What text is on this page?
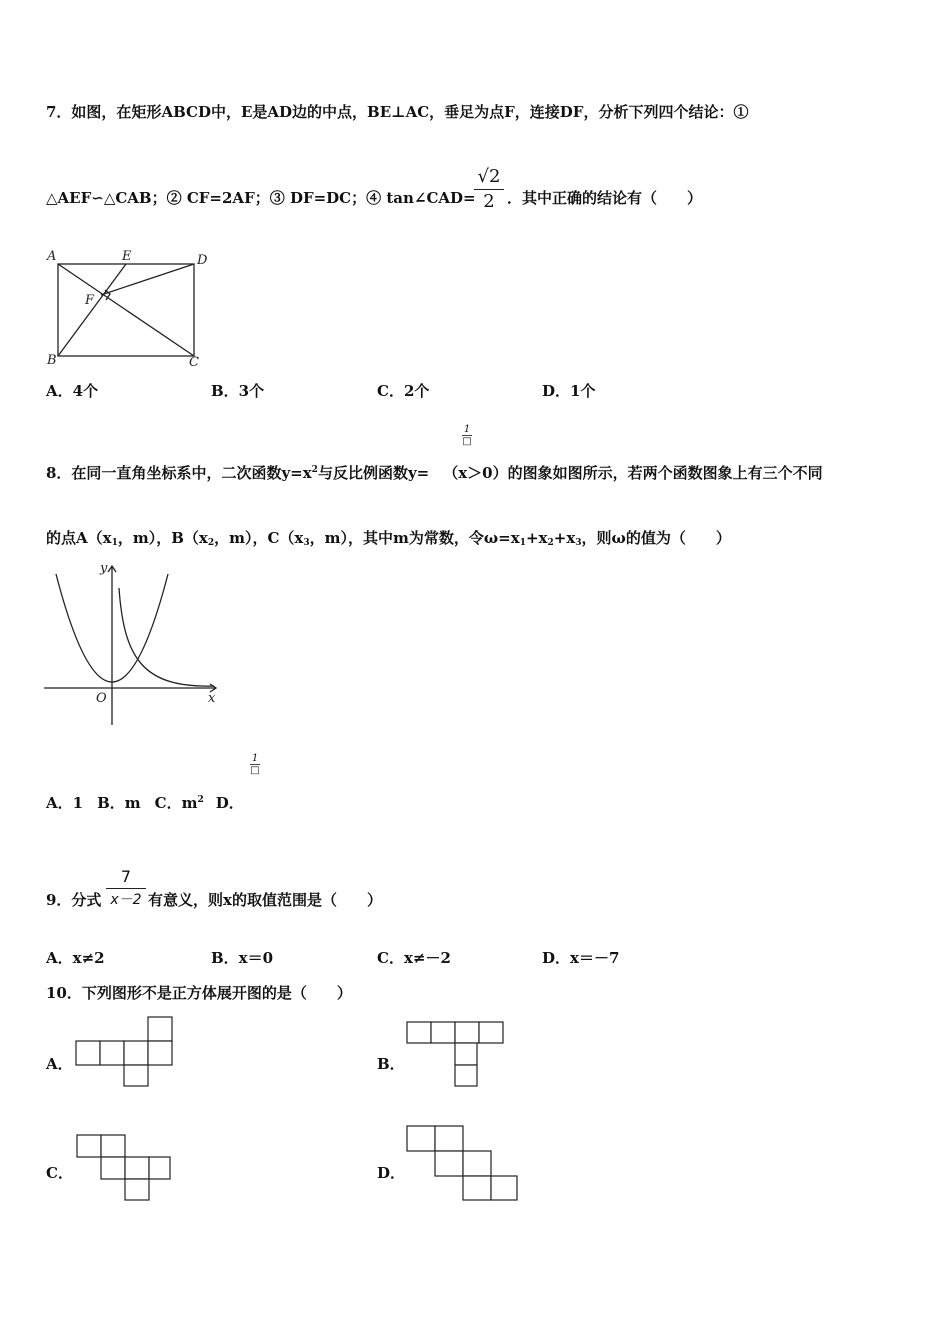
7．如图，在矩形ABCD中，E是AD边的中点，BE⊥AC，垂足为点F，连接DF，分析下列四个结论：①
△AEF∽△CAB；② CF=2AF；③ DF=DC；④ tan∠CAD=
√2
2 ．其中正确的结论有（　　）
A	E	D
F
B	C
A．4个	B．3个	C．2个	D．1个
1
□
8．在同一直角坐标系中，二次函数$y=x^2$与反比例函数y= （x＞0）的图象如图所示，若两个函数图象上有三个不同
的点$A(x_1$，m），$B(x_2$，m），$C(x_3$，m），其中m为常数，令$\omega=x_1+x_2+x_3$，则ω的值为（　　）
y
x
O
1
□
A．1 B．m C．$m^2$ D．
9．分式
7
x－2 有意义，则x的取值范围是（　　）
A．x≠2	B．x＝0	C．x≠－2	D．x＝－7
10．下列图形不是正方体展开图的是（　　）
A．	B．
C．	D．
